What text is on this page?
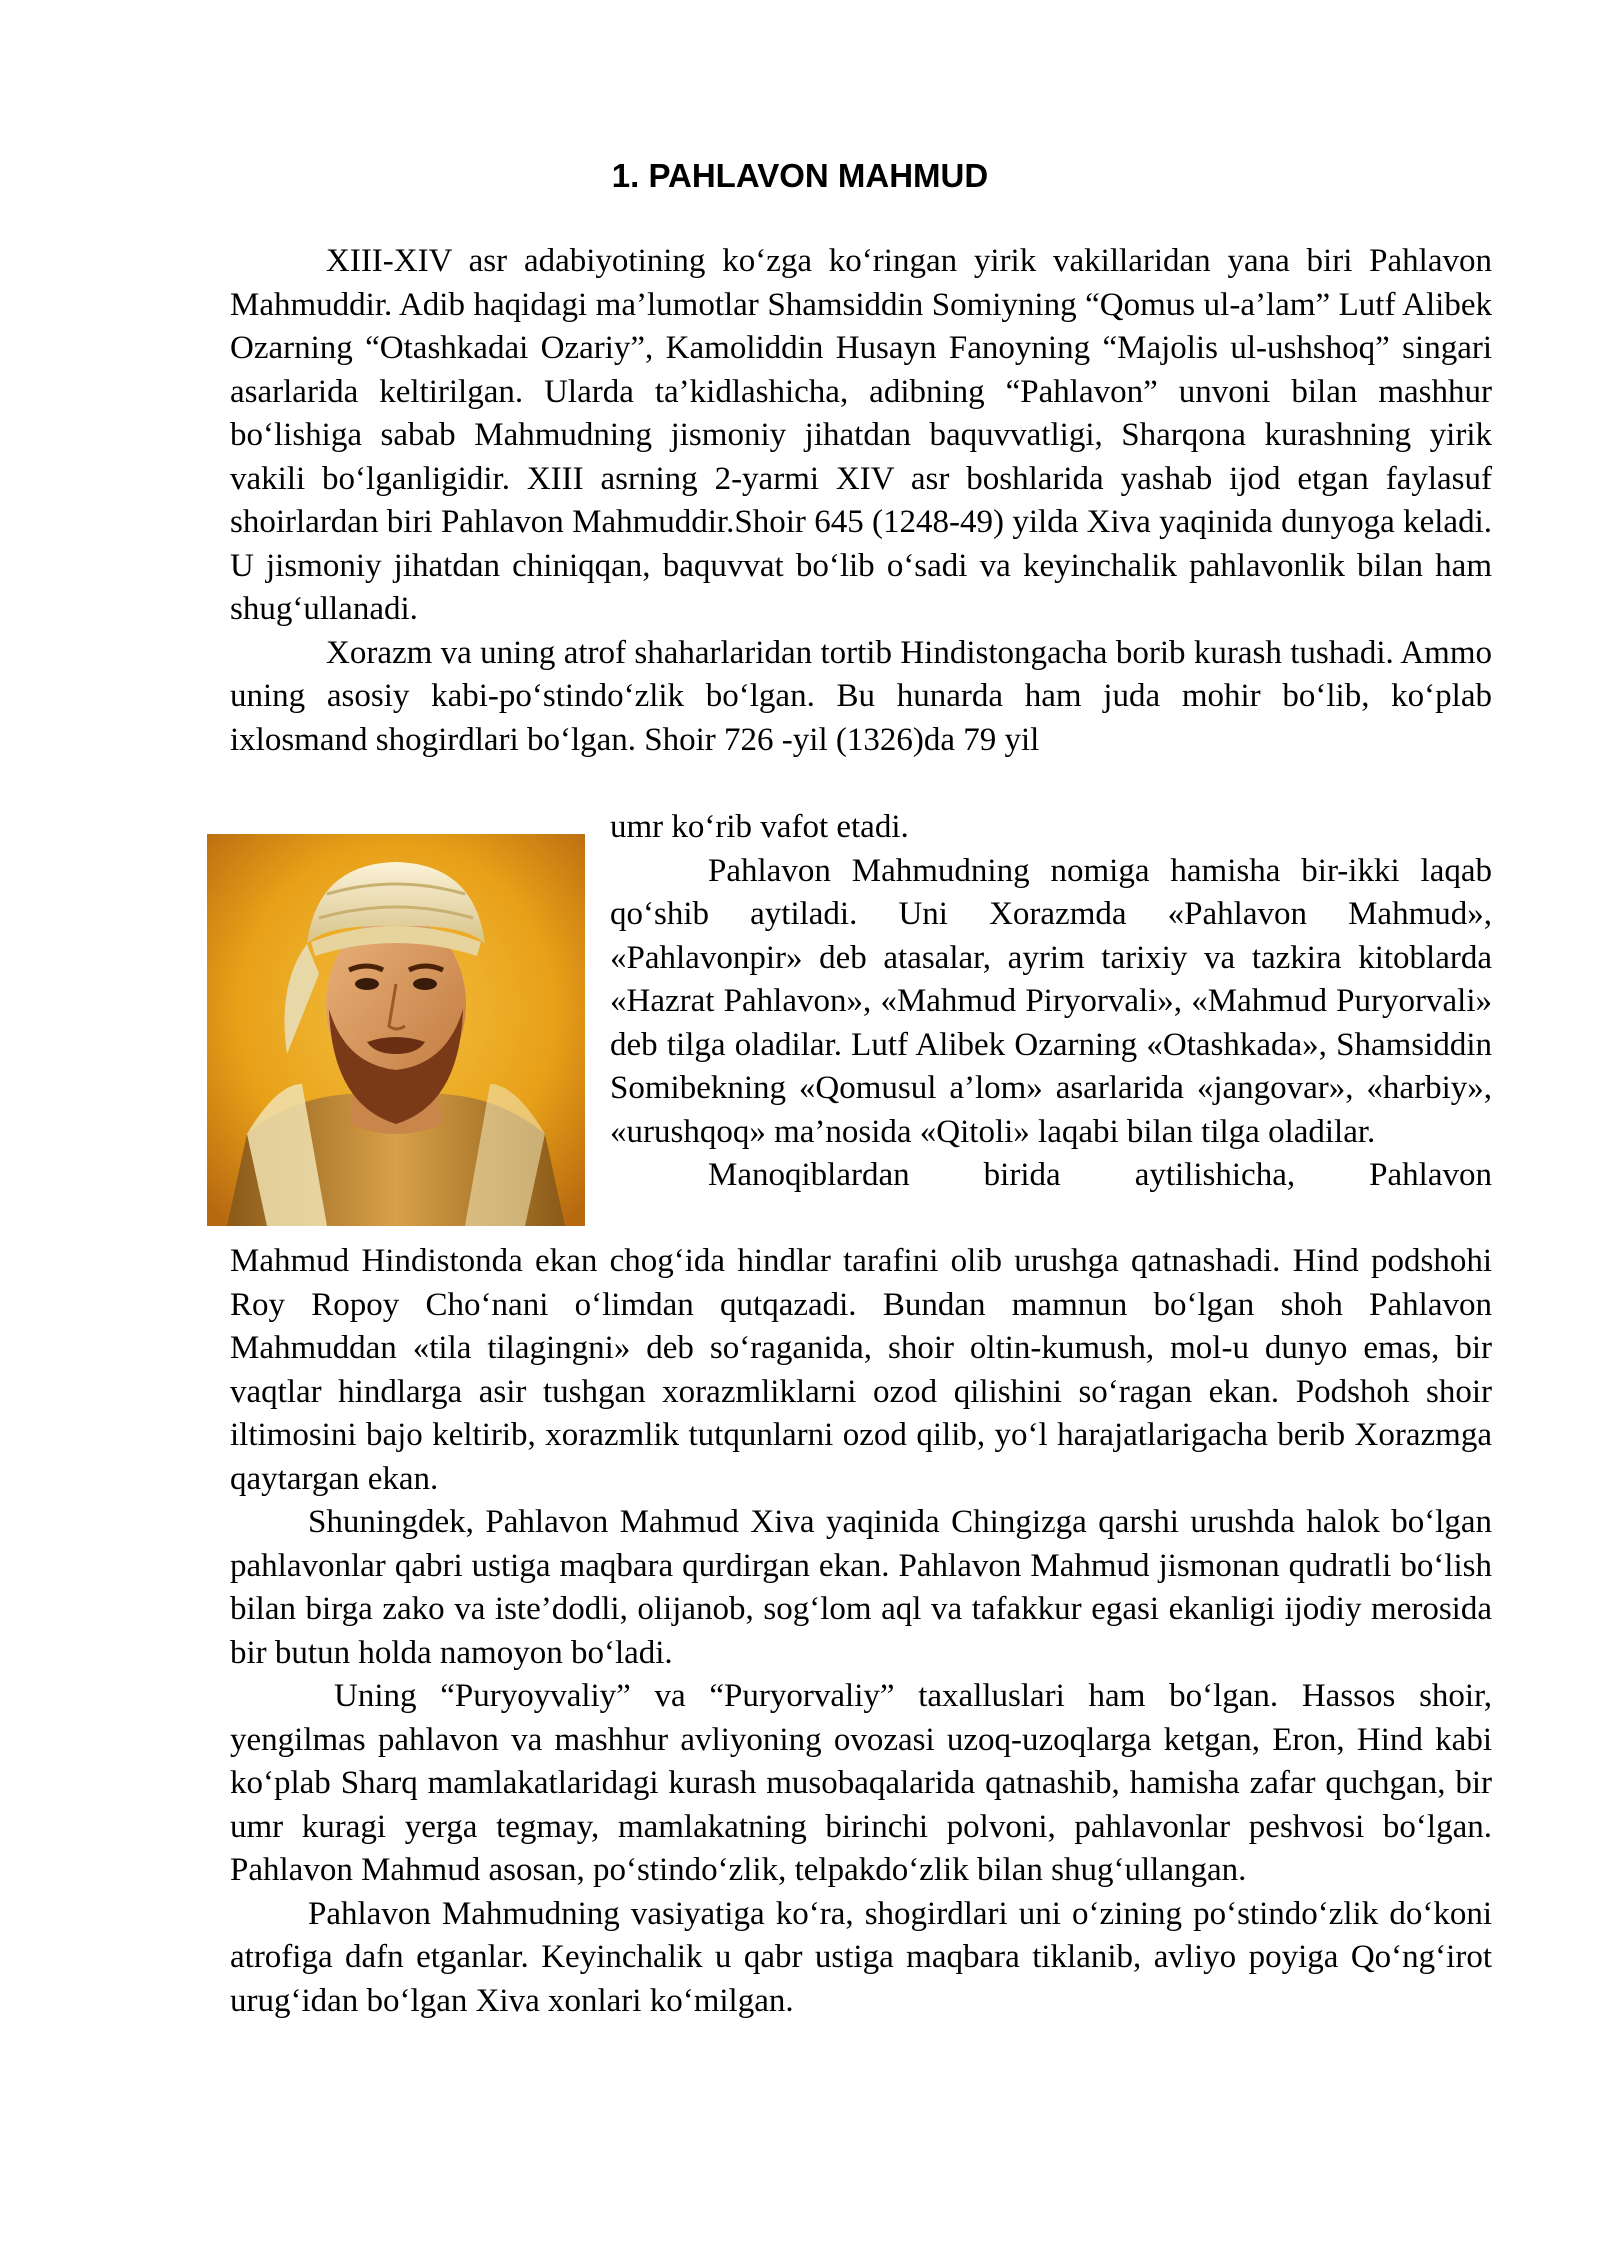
1. PAHLAVON MAHMUD

XIII-XIV asr adabiyotining ko‘zga ko‘ringan yirik vakillaridan yana biri Pahlavon Mahmuddir. Adib haqidagi ma’lumotlar Shamsiddin Somiyning “Qomus ul-a’lam” Lutf Alibek Ozarning “Otashkadai Ozariy”, Kamoliddin Husayn Fanoyning “Majolis ul-ushshoq” singari asarlarida keltirilgan. Ularda ta’kidlashicha, adibning “Pahlavon” unvoni bilan mashhur bo‘lishiga sabab Mahmudning jismoniy jihatdan baquvvatligi, Sharqona kurashning yirik vakili bo‘lganligidir. XIII asrning 2-yarmi XIV asr boshlarida yashab ijod etgan faylasuf shoirlardan biri Pahlavon Mahmuddir.Shoir 645 (1248-49) yilda Xiva yaqinida dunyoga keladi. U jismoniy jihatdan chiniqqan, baquvvat bo‘lib o‘sadi va keyinchalik pahlavonlik bilan ham shug‘ullanadi.

Xorazm va uning atrof shaharlaridan tortib Hindistongacha borib kurash tushadi. Ammo uning asosiy kabi-po‘stindo‘zlik bo‘lgan. Bu hunarda ham juda mohir bo‘lib, ko‘plab ixlosmand shogirdlari bo‘lgan. Shoir 726 -yil (1326)da 79 yil

umr ko‘rib vafot etadi.

Pahlavon Mahmudning nomiga hamisha bir-ikki laqab qo‘shib aytiladi. Uni Xorazmda «Pahlavon Mahmud», «Pahlavonpir» deb atasalar, ayrim tarixiy va tazkira kitoblarda «Hazrat Pahlavon», «Mahmud Piryorvali», «Mahmud Puryorvali» deb tilga oladilar. Lutf Alibek Ozarning «Otashkada», Shamsiddin Somibekning «Qomusul a’lom» asarlarida «jangovar», «harbiy», «urushqoq» ma’nosida «Qitoli» laqabi bilan tilga oladilar.

Manoqiblardan birida aytilishicha, Pahlavon

Mahmud Hindistonda ekan chog‘ida hindlar tarafini olib urushga qatnashadi. Hind podshohi Roy Ropoy Cho‘nani o‘limdan qutqazadi. Bundan mamnun bo‘lgan shoh Pahlavon Mahmuddan «tila tilagingni» deb so‘raganida, shoir oltin-kumush, mol-u dunyo emas, bir vaqtlar hindlarga asir tushgan xorazmliklarni ozod qilishini so‘ragan ekan. Podshoh shoir iltimosini bajo keltirib, xorazmlik tutqunlarni ozod qilib, yo‘l harajatlarigacha berib Xorazmga qaytargan ekan.

Shuningdek, Pahlavon Mahmud Xiva yaqinida Chingizga qarshi urushda halok bo‘lgan pahlavonlar qabri ustiga maqbara qurdirgan ekan. Pahlavon Mahmud jismonan qudratli bo‘lish bilan birga zako va iste’dodli, olijanob, sog‘lom aql va tafakkur egasi ekanligi ijodiy merosida bir butun holda namoyon bo‘ladi.

Uning “Puryoyvaliy” va “Puryorvaliy” taxalluslari ham bo‘lgan. Hassos shoir, yengilmas pahlavon va mashhur avliyoning ovozasi uzoq-uzoqlarga ketgan, Eron, Hind kabi ko‘plab Sharq mamlakatlaridagi kurash musobaqalarida qatnashib, hamisha zafar quchgan, bir umr kuragi yerga tegmay, mamlakatning birinchi polvoni, pahlavonlar peshvosi bo‘lgan. Pahlavon Mahmud asosan, po‘stindo‘zlik, telpakdo‘zlik bilan shug‘ullangan.

Pahlavon Mahmudning vasiyatiga ko‘ra, shogirdlari uni o‘zining po‘stindo‘zlik do‘koni atrofiga dafn etganlar. Keyinchalik u qabr ustiga maqbara tiklanib, avliyo poyiga Qo‘ng‘irot urug‘idan bo‘lgan Xiva xonlari ko‘milgan.
